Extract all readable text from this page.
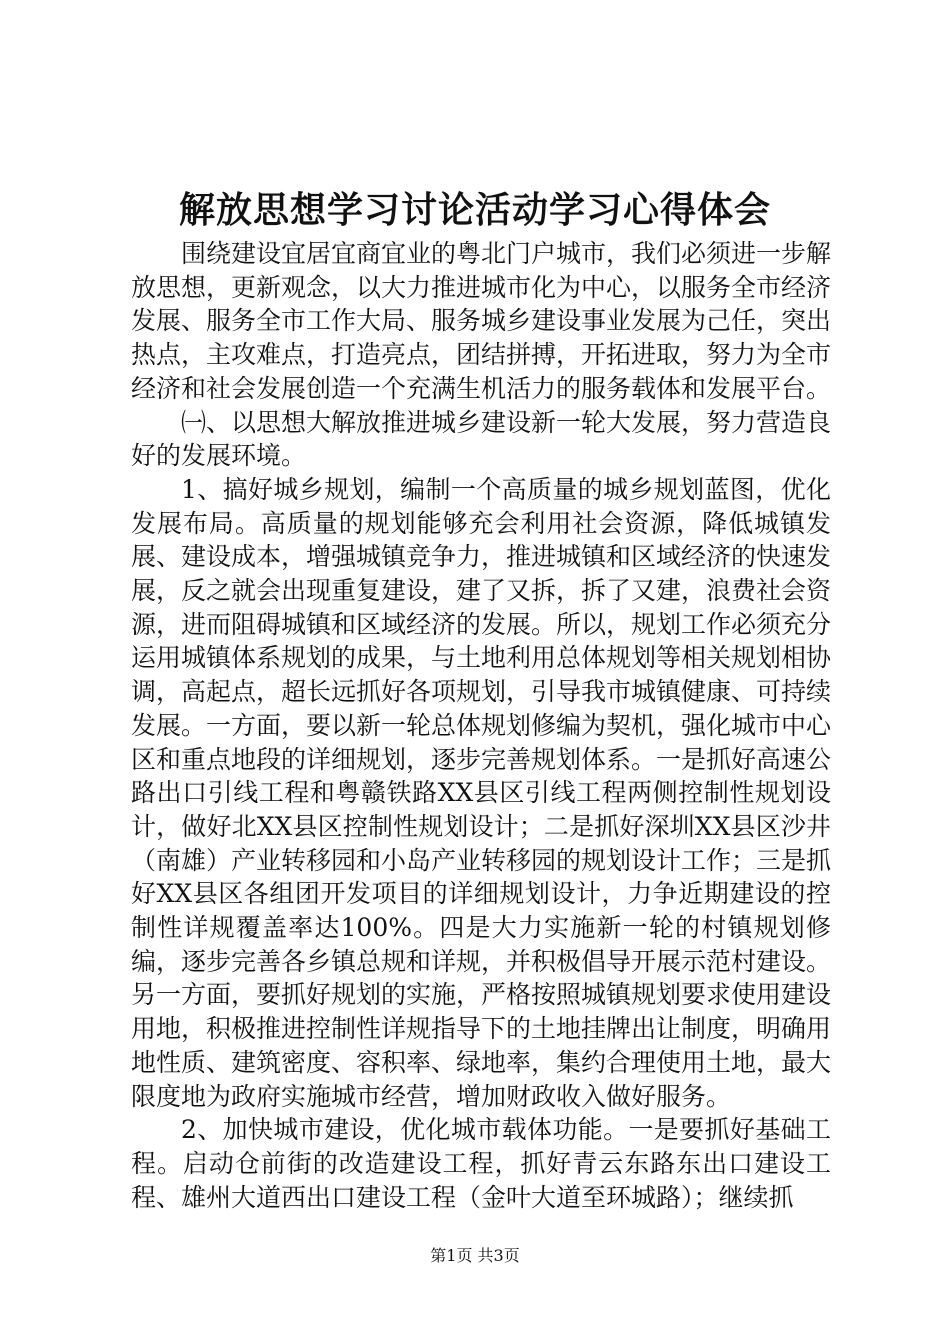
解放思想学习讨论活动学习心得体会

围绕建设宜居宜商宜业的粤北门户城市，我们必须进一步解放思想，更新观念，以大力推进城市化为中心，以服务全市经济发展、服务全市工作大局、服务城乡建设事业发展为己任，突出热点，主攻难点，打造亮点，团结拼搏，开拓进取，努力为全市经济和社会发展创造一个充满生机活力的服务载体和发展平台。

㈠、以思想大解放推进城乡建设新一轮大发展，努力营造良好的发展环境。

1、搞好城乡规划，编制一个高质量的城乡规划蓝图，优化发展布局。高质量的规划能够充会利用社会资源，降低城镇发展、建设成本，增强城镇竞争力，推进城镇和区域经济的快速发展，反之就会出现重复建设，建了又拆，拆了又建，浪费社会资源，进而阻碍城镇和区域经济的发展。所以，规划工作必须充分运用城镇体系规划的成果，与土地利用总体规划等相关规划相协调，高起点，超长远抓好各项规划，引导我市城镇健康、可持续发展。一方面，要以新一轮总体规划修编为契机，强化城市中心区和重点地段的详细规划，逐步完善规划体系。一是抓好高速公路出口引线工程和粤赣铁路XX县区引线工程两侧控制性规划设计，做好北XX县区控制性规划设计；二是抓好深圳XX县区沙井（南雄）产业转移园和小岛产业转移园的规划设计工作；三是抓好XX县区各组团开发项目的详细规划设计，力争近期建设的控制性详规覆盖率达100%。四是大力实施新一轮的村镇规划修编，逐步完善各乡镇总规和详规，并积极倡导开展示范村建设。另一方面，要抓好规划的实施，严格按照城镇规划要求使用建设用地，积极推进控制性详规指导下的土地挂牌出让制度，明确用地性质、建筑密度、容积率、绿地率，集约合理使用土地，最大限度地为政府实施城市经营，增加财政收入做好服务。

2、加快城市建设，优化城市载体功能。一是要抓好基础工程。启动仓前街的改造建设工程，抓好青云东路东出口建设工程、雄州大道西出口建设工程（金叶大道至环城路）；继续抓

第1页 共3页
